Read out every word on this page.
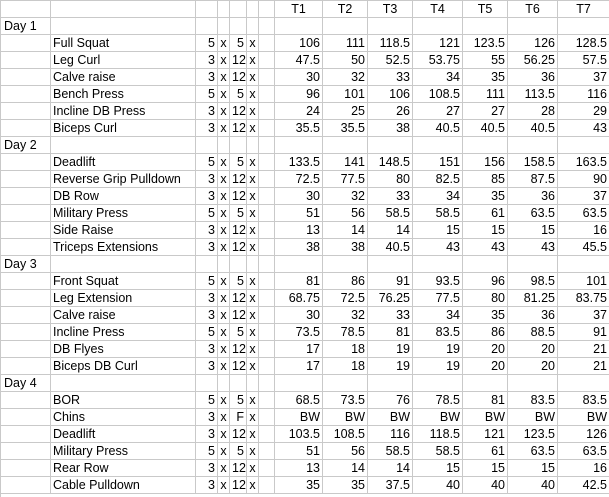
T1	T2	T3	T4	T5	T6	T7
Day 1
Full Squat	5 x 5 x	106	111	118.5	121	123.5	126	128.5
Leg Curl	3 x 12 x	47.5	50	52.5	53.75	55	56.25	57.5
Calve raise	3 x 12 x	30	32	33	34	35	36	37
Bench Press	5 x 5 x	96	101	106	108.5	111	113.5	116
Incline DB Press	3 x 12 x	24	25	26	27	27	28	29
Biceps Curl	3 x 12 x	35.5	35.5	38	40.5	40.5	40.5	43
Day 2
Deadlift	5 x 5 x	133.5	141	148.5	151	156	158.5	163.5
Reverse Grip Pulldown	3 x 12 x	72.5	77.5	80	82.5	85	87.5	90
DB Row	3 x 12 x	30	32	33	34	35	36	37
Military Press	5 x 5 x	51	56	58.5	58.5	61	63.5	63.5
Side Raise	3 x 12 x	13	14	14	15	15	15	16
Triceps Extensions	3 x 12 x	38	38	40.5	43	43	43	45.5
Day 3
Front Squat	5 x 5 x	81	86	91	93.5	96	98.5	101
Leg Extension	3 x 12 x	68.75	72.5	76.25	77.5	80	81.25	83.75
Calve raise	3 x 12 x	30	32	33	34	35	36	37
Incline Press	5 x 5 x	73.5	78.5	81	83.5	86	88.5	91
DB Flyes	3 x 12 x	17	18	19	19	20	20	21
Biceps DB Curl	3 x 12 x	17	18	19	19	20	20	21
Day 4
BOR	5 x 5 x	68.5	73.5	76	78.5	81	83.5	83.5
Chins	3 x F x	BW	BW	BW	BW	BW	BW	BW
Deadlift	3 x 12 x	103.5	108.5	116	118.5	121	123.5	126
Military Press	5 x 5 x	51	56	58.5	58.5	61	63.5	63.5
Rear Row	3 x 12 x	13	14	14	15	15	15	16
Cable Pulldown	3 x 12 x	35	35	37.5	40	40	40	42.5
